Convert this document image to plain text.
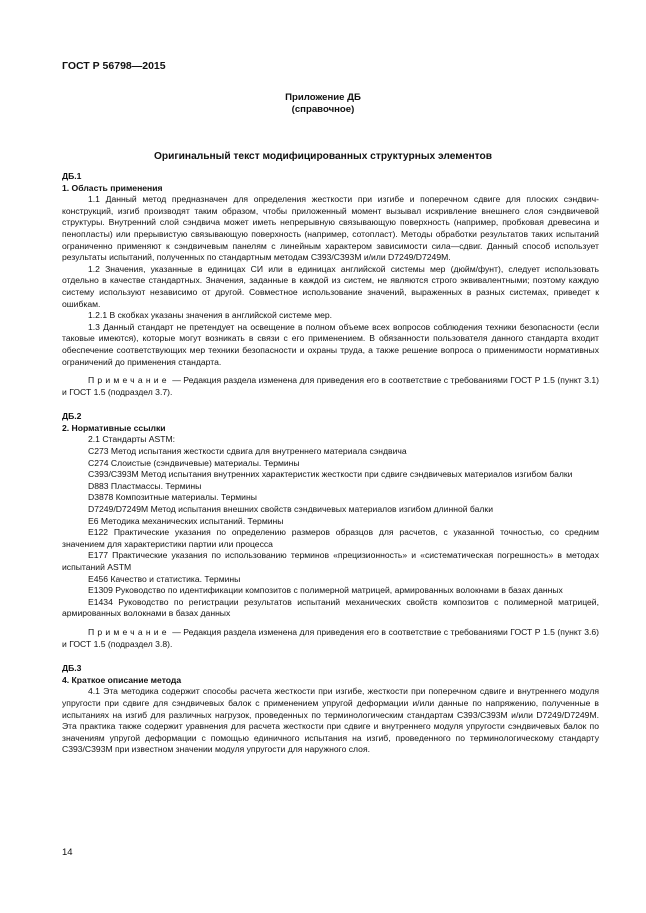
ГОСТ Р 56798—2015
Приложение ДБ
(справочное)
Оригинальный текст модифицированных структурных элементов

ДБ.1

1. Область применения

1.1 Данный метод предназначен для определения жесткости при изгибе и поперечном сдвиге для плоских сэндвич-конструкций, изгиб производят таким образом, чтобы приложенный момент вызывал искривление внешнего слоя сэндвичевой структуры. Внутренний слой сэндвича может иметь непрерывную связывающую поверхность (например, пробковая древесина и пенопласты) или прерывистую связывающую поверхность (например, сотопласт). Методы обработки результатов таких испытаний ограниченно применяют к сэндвичевым панелям с линейным характером зависимости сила—сдвиг. Данный способ использует результаты испытаний, полученных по стандартным методам C393/C393M и/или D7249/D7249M.

1.2 Значения, указанные в единицах СИ или в единицах английской системы мер (дюйм/фунт), следует использовать отдельно в качестве стандартных. Значения, заданные в каждой из систем, не являются строго эквивалентными; поэтому каждую систему используют независимо от другой. Совместное использование значений, выраженных в разных системах, приведет к ошибкам.

1.2.1 В скобках указаны значения в английской системе мер.

1.3 Данный стандарт не претендует на освещение в полном объеме всех вопросов соблюдения техники безопасности (если таковые имеются), которые могут возникать в связи с его применением. В обязанности пользователя данного стандарта входит обеспечение соответствующих мер техники безопасности и охраны труда, а также решение вопроса о применимости нормативных ограничений до применения стандарта.

Примечание — Редакция раздела изменена для приведения его в соответствие с требованиями ГОСТ Р 1.5 (пункт 3.1) и ГОСТ 1.5 (подраздел 3.7).

ДБ.2

2. Нормативные ссылки

2.1 Стандарты ASTM:

C273 Метод испытания жесткости сдвига для внутреннего материала сэндвича

C274 Слоистые (сэндвичевые) материалы. Термины

C393/C393M Метод испытания внутренних характеристик жесткости при сдвиге сэндвичевых материалов изгибом балки

D883 Пластмассы. Термины

D3878 Композитные материалы. Термины

D7249/D7249M Метод испытания внешних свойств сэндвичевых материалов изгибом длинной балки

E6 Методика механических испытаний. Термины

E122 Практические указания по определению размеров образцов для расчетов, с указанной точностью, со средним значением для характеристики партии или процесса

E177 Практические указания по использованию терминов «прецизионность» и «систематическая погрешность» в методах испытаний ASTM

E456 Качество и статистика. Термины

E1309 Руководство по идентификации композитов с полимерной матрицей, армированных волокнами в базах данных

E1434 Руководство по регистрации результатов испытаний механических свойств композитов с полимерной матрицей, армированных волокнами в базах данных

Примечание — Редакция раздела изменена для приведения его в соответствие с требованиями ГОСТ Р 1.5 (пункт 3.6) и ГОСТ 1.5 (подраздел 3.8).

ДБ.3

4. Краткое описание метода

4.1 Эта методика содержит способы расчета жесткости при изгибе, жесткости при поперечном сдвиге и внутреннего модуля упругости при сдвиге для сэндвичевых балок с применением упругой деформации и/или данные по напряжению, полученные в испытаниях на изгиб для различных нагрузок, проведенных по терминологическим стандартам C393/C393M и/или D7249/D7249M. Эта практика также содержит уравнения для расчета жесткости при сдвиге и внутреннего модуля упругости сэндвичевых балок по значениям упругой деформации с помощью единичного испытания на изгиб, проведенного по терминологическому стандарту C393/C393M при известном значении модуля упругости для наружного слоя.

14
